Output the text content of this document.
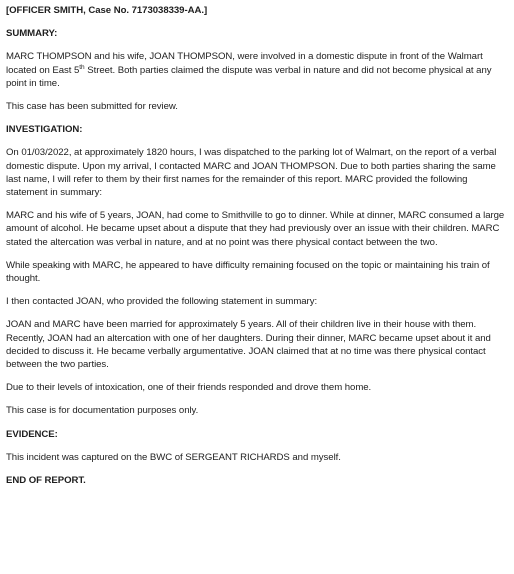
[OFFICER SMITH, Case No. 7173038339-AA.]
SUMMARY:

MARC THOMPSON and his wife, JOAN THOMPSON, were involved in a domestic dispute in front of the Walmart located on East 5th Street. Both parties claimed the dispute was verbal in nature and did not become physical at any point in time.

This case has been submitted for review.

INVESTIGATION:

On 01/03/2022, at approximately 1820 hours, I was dispatched to the parking lot of Walmart, on the report of a verbal domestic dispute. Upon my arrival, I contacted MARC and JOAN THOMPSON. Due to both parties sharing the same last name, I will refer to them by their first names for the remainder of this report. MARC provided the following statement in summary:

MARC and his wife of 5 years, JOAN, had come to Smithville to go to dinner. While at dinner, MARC consumed a large amount of alcohol. He became upset about a dispute that they had previously over an issue with their children. MARC stated the altercation was verbal in nature, and at no point was there physical contact between the two.

While speaking with MARC, he appeared to have difficulty remaining focused on the topic or maintaining his train of thought.

I then contacted JOAN, who provided the following statement in summary:

JOAN and MARC have been married for approximately 5 years. All of their children live in their house with them. Recently, JOAN had an altercation with one of her daughters. During their dinner, MARC became upset about it and decided to discuss it. He became verbally argumentative. JOAN claimed that at no time was there physical contact between the two parties.

Due to their levels of intoxication, one of their friends responded and drove them home.

This case is for documentation purposes only.

EVIDENCE:

This incident was captured on the BWC of SERGEANT RICHARDS and myself.

END OF REPORT.
